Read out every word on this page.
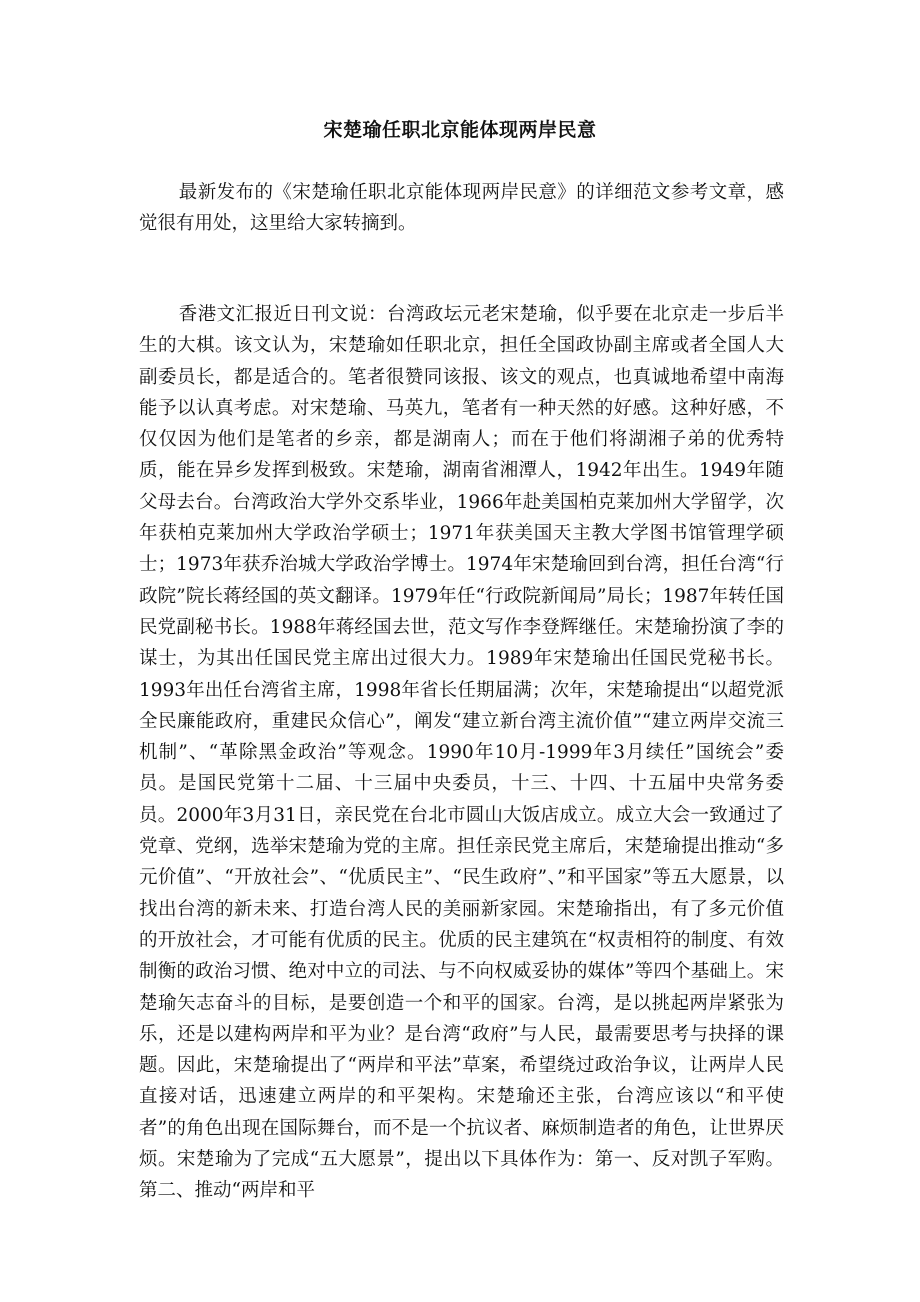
宋楚瑜任职北京能体现两岸民意

最新发布的《宋楚瑜任职北京能体现两岸民意》的详细范文参考文章，感觉很有用处，这里给大家转摘到。

香港文汇报近日刊文说：台湾政坛元老宋楚瑜，似乎要在北京走一步后半生的大棋。该文认为，宋楚瑜如任职北京，担任全国政协副主席或者全国人大副委员长，都是适合的。笔者很赞同该报、该文的观点，也真诚地希望中南海能予以认真考虑。对宋楚瑜、马英九，笔者有一种天然的好感。这种好感，不仅仅因为他们是笔者的乡亲，都是湖南人；而在于他们将湖湘子弟的优秀特质，能在异乡发挥到极致。宋楚瑜，湖南省湘潭人，1942年出生。1949年随父母去台。台湾政治大学外交系毕业，1966年赴美国柏克莱加州大学留学，次年获柏克莱加州大学政治学硕士；1971年获美国天主教大学图书馆管理学硕士；1973年获乔治城大学政治学博士。1974年宋楚瑜回到台湾，担任台湾“行政院”院长蒋经国的英文翻译。1979年任“行政院新闻局”局长；1987年转任国民党副秘书长。1988年蒋经国去世，范文写作李登辉继任。宋楚瑜扮演了李的谋士，为其出任国民党主席出过很大力。1989年宋楚瑜出任国民党秘书长。1993年出任台湾省主席，1998年省长任期届满；次年，宋楚瑜提出“以超党派全民廉能政府，重建民众信心”，阐发“建立新台湾主流价值”“建立两岸交流三机制”、“革除黑金政治”等观念。1990年10月-1999年3月续任”国统会”委员。是国民党第十二届、十三届中央委员，十三、十四、十五届中央常务委员。2000年3月31日，亲民党在台北市圆山大饭店成立。成立大会一致通过了党章、党纲，选举宋楚瑜为党的主席。担任亲民党主席后，宋楚瑜提出推动“多元价值”、“开放社会”、“优质民主”、“民生政府”、”和平国家”等五大愿景，以找出台湾的新未来、打造台湾人民的美丽新家园。宋楚瑜指出，有了多元价值的开放社会，才可能有优质的民主。优质的民主建筑在“权责相符的制度、有效制衡的政治习惯、绝对中立的司法、与不向权威妥协的媒体”等四个基础上。宋楚瑜矢志奋斗的目标，是要创造一个和平的国家。台湾，是以挑起两岸紧张为乐，还是以建构两岸和平为业？是台湾“政府”与人民，最需要思考与抉择的课题。因此，宋楚瑜提出了“两岸和平法”草案，希望绕过政治争议，让两岸人民直接对话，迅速建立两岸的和平架构。宋楚瑜还主张，台湾应该以“和平使者”的角色出现在国际舞台，而不是一个抗议者、麻烦制造者的角色，让世界厌烦。宋楚瑜为了完成“五大愿景”，提出以下具体作为：第一、反对凯子军购。第二、推动“两岸和平
